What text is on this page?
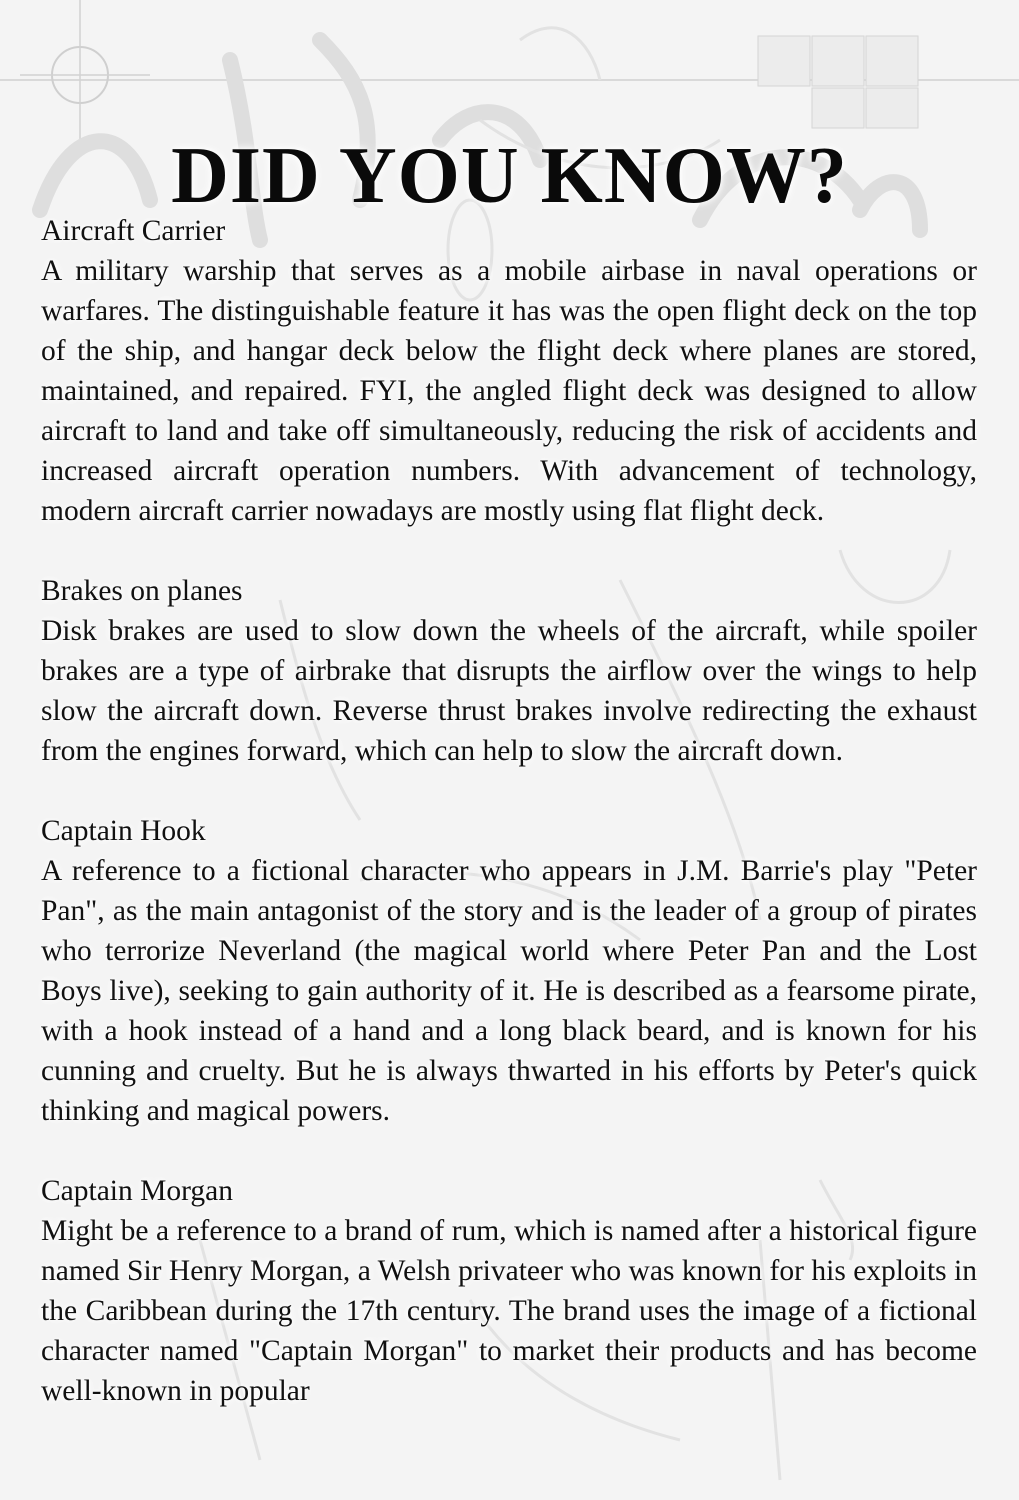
DID YOU KNOW?
Aircraft Carrier

A military warship that serves as a mobile airbase in naval operations or warfares. The distinguishable feature it has was the open flight deck on the top of the ship, and hangar deck below the flight deck where planes are stored, maintained, and repaired. FYI, the angled flight deck was designed to allow aircraft to land and take off simultaneously, reducing the risk of accidents and increased aircraft operation numbers. With advancement of technology, modern aircraft carrier nowadays are mostly using flat flight deck.

Brakes on planes

Disk brakes are used to slow down the wheels of the aircraft, while spoiler brakes are a type of airbrake that disrupts the airflow over the wings to help slow the aircraft down. Reverse thrust brakes involve redirecting the exhaust from the engines forward, which can help to slow the aircraft down.

Captain Hook

A reference to a fictional character who appears in J.M. Barrie's play "Peter Pan", as the main antagonist of the story and is the leader of a group of pirates who terrorize Neverland (the magical world where Peter Pan and the Lost Boys live), seeking to gain authority of it. He is described as a fearsome pirate, with a hook instead of a hand and a long black beard, and is known for his cunning and cruelty. But he is always thwarted in his efforts by Peter's quick thinking and magical powers.

Captain Morgan

Might be a reference to a brand of rum, which is named after a historical figure named Sir Henry Morgan, a Welsh privateer who was known for his exploits in the Caribbean during the 17th century. The brand uses the image of a fictional character named "Captain Morgan" to market their products and has become well-known in popular
